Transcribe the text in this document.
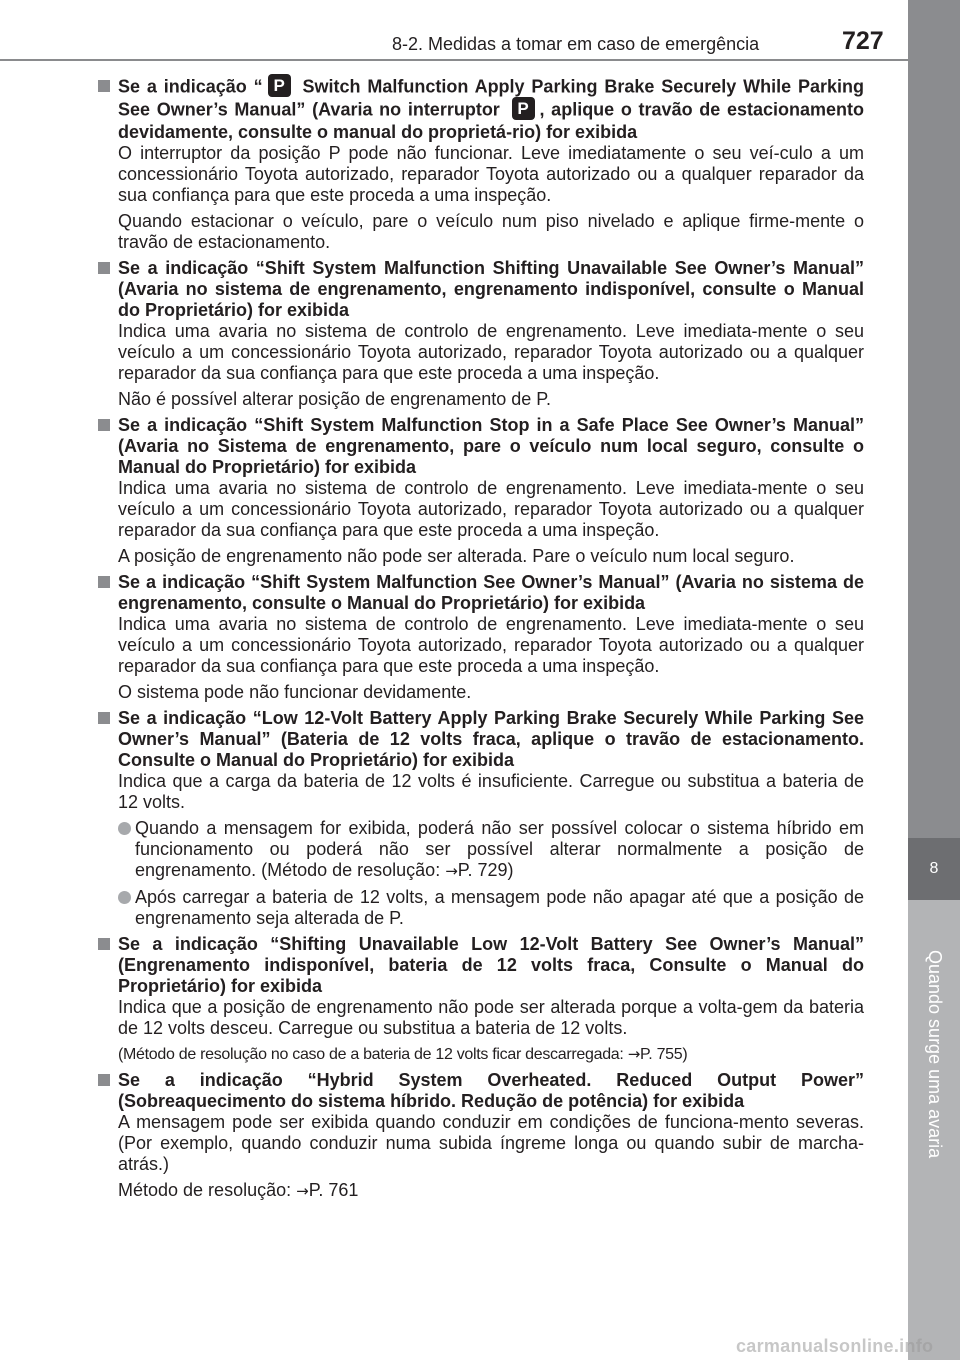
8-2. Medidas a tomar em caso de emergência	727
8
Quando surge uma avaria

Se a indicação “ P Switch Malfunction Apply Parking Brake Securely While Parking See Owner’s Manual” (Avaria no interruptor P , aplique o travão de estacionamento devidamente, consulte o manual do proprietá-rio) for exibida

O interruptor da posição P pode não funcionar. Leve imediatamente o seu veí-culo a um concessionário Toyota autorizado, reparador Toyota autorizado ou a qualquer reparador da sua confiança para que este proceda a uma inspeção.

Quando estacionar o veículo, pare o veículo num piso nivelado e aplique firme-mente o travão de estacionamento.

Se a indicação “Shift System Malfunction Shifting Unavailable See Owner’s Manual” (Avaria no sistema de engrenamento, engrenamento indisponível, consulte o Manual do Proprietário) for exibida

Indica uma avaria no sistema de controlo de engrenamento. Leve imediata-mente o seu veículo a um concessionário Toyota autorizado, reparador Toyota autorizado ou a qualquer reparador da sua confiança para que este proceda a uma inspeção.

Não é possível alterar posição de engrenamento de P.

Se a indicação “Shift System Malfunction Stop in a Safe Place See Owner’s Manual” (Avaria no Sistema de engrenamento, pare o veículo num local seguro, consulte o Manual do Proprietário) for exibida

Indica uma avaria no sistema de controlo de engrenamento. Leve imediata-mente o seu veículo a um concessionário Toyota autorizado, reparador Toyota autorizado ou a qualquer reparador da sua confiança para que este proceda a uma inspeção.

A posição de engrenamento não pode ser alterada. Pare o veículo num local seguro.

Se a indicação “Shift System Malfunction See Owner’s Manual” (Avaria no sistema de engrenamento, consulte o Manual do Proprietário) for exibida

Indica uma avaria no sistema de controlo de engrenamento. Leve imediata-mente o seu veículo a um concessionário Toyota autorizado, reparador Toyota autorizado ou a qualquer reparador da sua confiança para que este proceda a uma inspeção.

O sistema pode não funcionar devidamente.

Se a indicação “Low 12-Volt Battery Apply Parking Brake Securely While Parking See Owner’s Manual” (Bateria de 12 volts fraca, aplique o travão de estacionamento. Consulte o Manual do Proprietário) for exibida

Indica que a carga da bateria de 12 volts é insuficiente. Carregue ou substitua a bateria de 12 volts.

Quando a mensagem for exibida, poderá não ser possível colocar o sistema híbrido em funcionamento ou poderá não ser possível alterar normalmente a posição de engrenamento. (Método de resolução: →P. 729)
Após carregar a bateria de 12 volts, a mensagem pode não apagar até que a posição de engrenamento seja alterada de P.

Se a indicação “Shifting Unavailable Low 12-Volt Battery See Owner’s Manual” (Engrenamento indisponível, bateria de 12 volts fraca, Consulte o Manual do Proprietário) for exibida

Indica que a posição de engrenamento não pode ser alterada porque a volta-gem da bateria de 12 volts desceu. Carregue ou substitua a bateria de 12 volts.

(Método de resolução no caso de a bateria de 12 volts ficar descarregada: →P. 755)

Se a indicação “Hybrid System Overheated. Reduced Output Power” (Sobreaquecimento do sistema híbrido. Redução de potência) for exibida

A mensagem pode ser exibida quando conduzir em condições de funciona-mento severas. (Por exemplo, quando conduzir numa subida íngreme longa ou quando subir de marcha-atrás.)

Método de resolução: →P. 761

carmanualsonline.info
